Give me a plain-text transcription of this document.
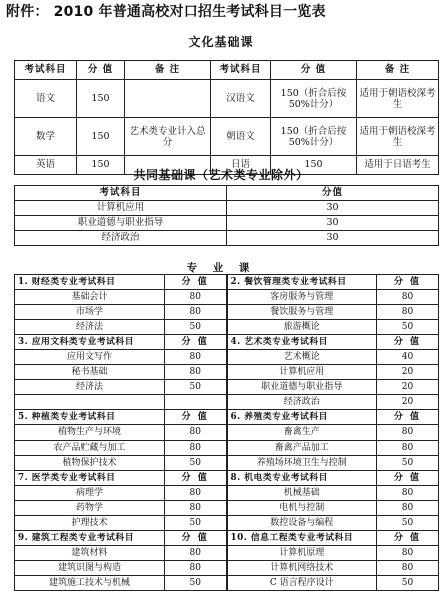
附件： 2010 年普通高校对口招生考试科目一览表
文化基础课
考试科目	分 值	备 注	考试科目	分 值	备 注
语文	150		汉语文	150（折合后按50%计分）	适用于朝语校深考生
数学	150	艺术类专业计入总分	朝语文	150（折合后按50%计分）	适用于朝语校深考生
英语	150		日语	150	适用于日语考生
共同基础课（艺术类专业除外）
考试科目	分值
计算机应用	30
职业道德与职业指导	30
经济政治	30
专 业 课
1. 财经类专业考试科目	分 值	2. 餐饮管理类专业考试科目	分 值
基础会计	80	客房服务与管理	80
市场学	80	餐饮服务与管理	80
经济法	50	旅游概论	50
3. 应用文科类专业考试科目	分 值	4. 艺术类专业考试科目	分 值
应用文写作	80	艺术概论	40
秘书基础	80	计算机应用	20
经济法	50	职业道德与职业指导	20
		经济政治	20
5. 种植类专业考试科目	分 值	6. 养殖类专业考试科目	分 值
植物生产与环境	80	畜禽生产	80
农产品贮藏与加工	80	畜禽产品加工	80
植物保护技术	50	养殖场环境卫生与控制	50
7. 医学类专业考试科目	分 值	8. 机电类专业考试科目	分 值
病理学	80	机械基础	80
药物学	80	电机与控制	80
护理技术	50	数控设备与编程	50
9. 建筑工程类专业考试科目	分 值	10. 信息工程类专业考试科目	分 值
建筑材料	80	计算机原理	80
建筑识图与构造	80	计算机网络技术	80
建筑施工技术与机械	50	C 语言程序设计	50
